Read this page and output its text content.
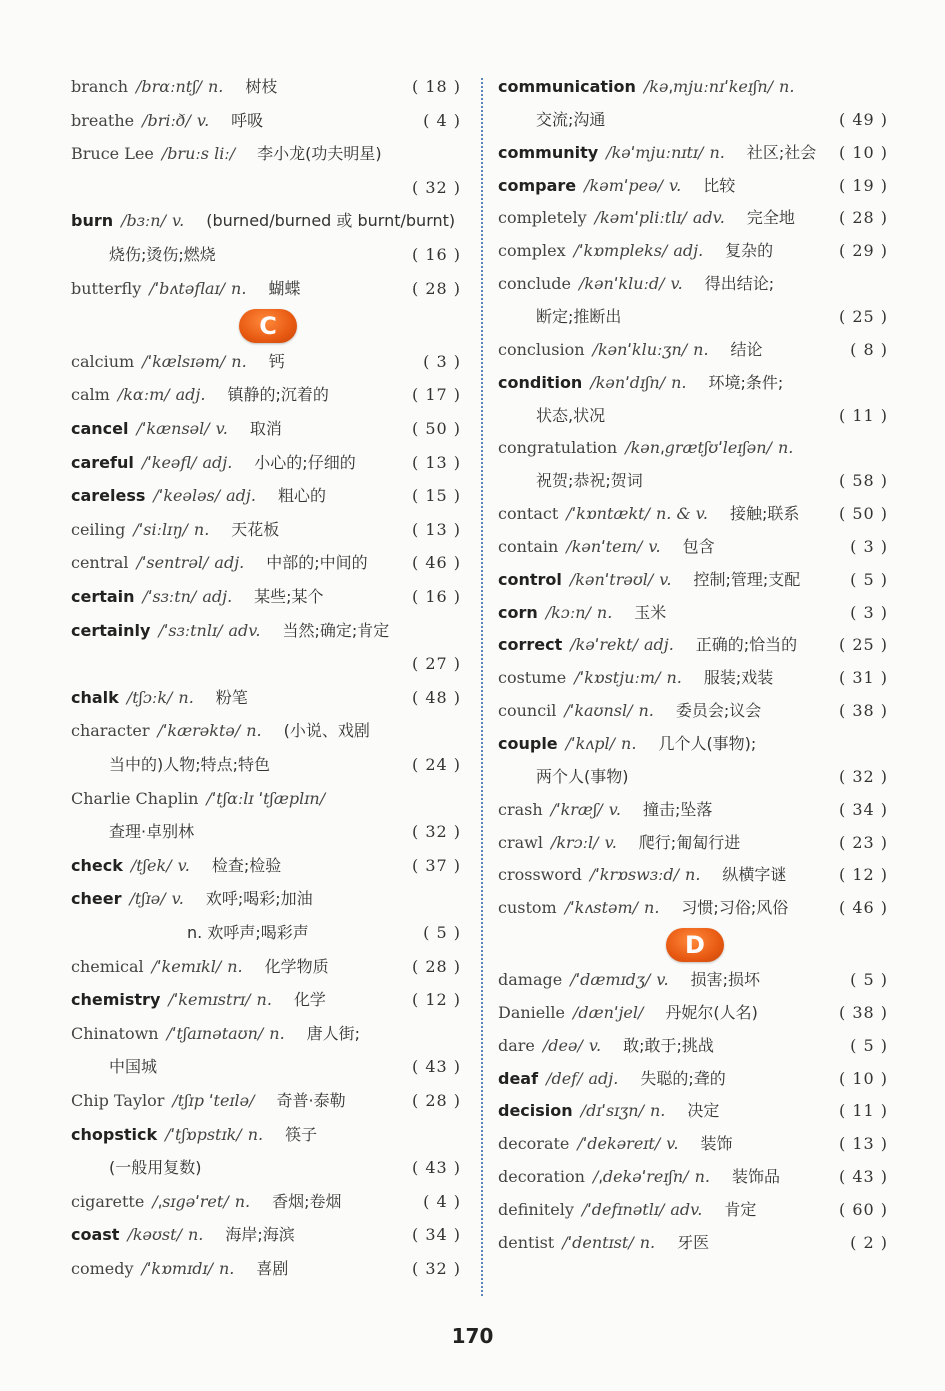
branch /brɑːntʃ/ n. 树枝	( 18 )
breathe /briːð/ v. 呼吸	( 4 )
Bruce Lee /bruːs liː/ 李小龙(功夫明星)
( 32 )
burn /bɜːn/ v. (burned/burned 或 burnt/burnt)
烧伤;烫伤;燃烧	( 16 )
butterfly /ˈbʌtəflaɪ/ n. 蝴蝶	( 28 )
C
calcium /ˈkælsɪəm/ n. 钙	( 3 )
calm /kɑːm/ adj. 镇静的;沉着的	( 17 )
cancel /ˈkænsəl/ v. 取消	( 50 )
careful /ˈkeəfl/ adj. 小心的;仔细的	( 13 )
careless /ˈkeələs/ adj. 粗心的	( 15 )
ceiling /ˈsiːlɪŋ/ n. 天花板	( 13 )
central /ˈsentrəl/ adj. 中部的;中间的	( 46 )
certain /ˈsɜːtn/ adj. 某些;某个	( 16 )
certainly /ˈsɜːtnlɪ/ adv. 当然;确定;肯定
( 27 )
chalk /tʃɔːk/ n. 粉笔	( 48 )
character /ˈkærəktə/ n. (小说、戏剧
当中的)人物;特点;特色	( 24 )
Charlie Chaplin /ˈtʃɑːlɪ ˈtʃæplɪn/
查理·卓别林	( 32 )
check /tʃek/ v. 检查;检验	( 37 )
cheer /tʃɪə/ v. 欢呼;喝彩;加油
n. 欢呼声;喝彩声	( 5 )
chemical /ˈkemɪkl/ n. 化学物质	( 28 )
chemistry /ˈkemɪstrɪ/ n. 化学	( 12 )
Chinatown /ˈtʃaɪnətaʊn/ n. 唐人街;
中国城	( 43 )
Chip Taylor /tʃɪp ˈteɪlə/ 奇普·泰勒	( 28 )
chopstick /ˈtʃɒpstɪk/ n. 筷子
(一般用复数)	( 43 )
cigarette /ˌsɪgəˈret/ n. 香烟;卷烟	( 4 )
coast /kəʊst/ n. 海岸;海滨	( 34 )
comedy /ˈkɒmɪdɪ/ n. 喜剧	( 32 )
communication /kəˌmjuːnɪˈkeɪʃn/ n.
交流;沟通	( 49 )
community /kəˈmjuːnɪtɪ/ n. 社区;社会 ( 10 )
compare /kəmˈpeə/ v. 比较	( 19 )
completely /kəmˈpliːtlɪ/ adv. 完全地	( 28 )
complex /ˈkɒmpleks/ adj. 复杂的	( 29 )
conclude /kənˈkluːd/ v. 得出结论;
断定;推断出	( 25 )
conclusion /kənˈkluːʒn/ n. 结论	( 8 )
condition /kənˈdɪʃn/ n. 环境;条件;
状态,状况	( 11 )
congratulation /kənˌgrætʃʊˈleɪʃən/ n.
祝贺;恭祝;贺词	( 58 )
contact /ˈkɒntækt/ n. & v. 接触;联系 ( 50 )
contain /kənˈteɪn/ v. 包含	( 3 )
control /kənˈtrəʊl/ v. 控制;管理;支配	( 5 )
corn /kɔːn/ n. 玉米	( 3 )
correct /kəˈrekt/ adj. 正确的;恰当的	( 25 )
costume /ˈkɒstjuːm/ n. 服装;戏装	( 31 )
council /ˈkaʊnsl/ n. 委员会;议会	( 38 )
couple /ˈkʌpl/ n. 几个人(事物);
两个人(事物)	( 32 )
crash /ˈkræʃ/ v. 撞击;坠落	( 34 )
crawl /krɔːl/ v. 爬行;匍匐行进	( 23 )
crossword /ˈkrɒswɜːd/ n. 纵横字谜	( 12 )
custom /ˈkʌstəm/ n. 习惯;习俗;风俗	( 46 )
D
damage /ˈdæmɪdʒ/ v. 损害;损坏	( 5 )
Danielle /dænˈjel/ 丹妮尔(人名)	( 38 )
dare /deə/ v. 敢;敢于;挑战	( 5 )
deaf /def/ adj. 失聪的;聋的	( 10 )
decision /dɪˈsɪʒn/ n. 决定	( 11 )
decorate /ˈdekəreɪt/ v. 装饰	( 13 )
decoration /ˌdekəˈreɪʃn/ n. 装饰品	( 43 )
definitely /ˈdefɪnətlɪ/ adv. 肯定	( 60 )
dentist /ˈdentɪst/ n. 牙医	( 2 )
170
